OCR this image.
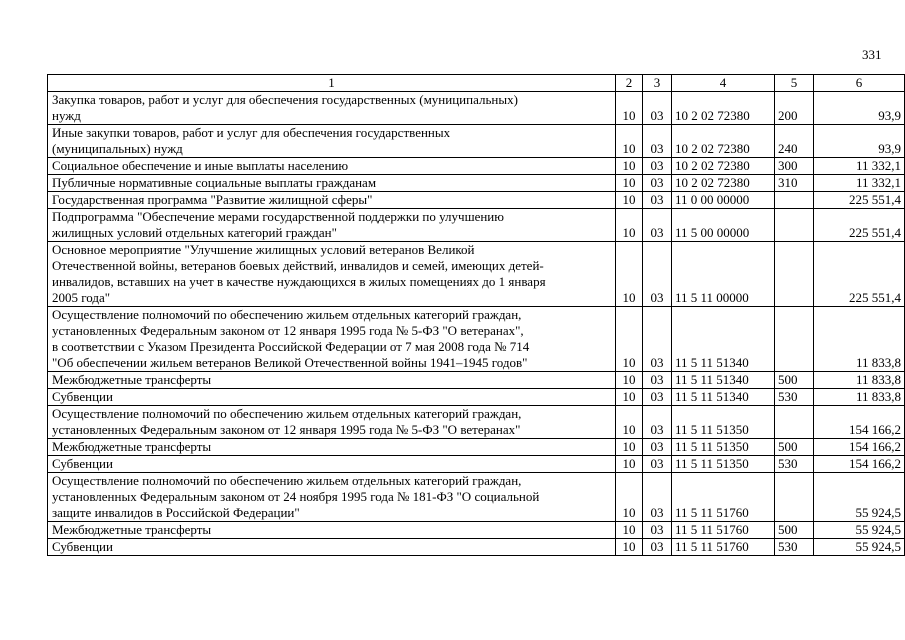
331
1	2	3	4	5	6

Закупка товаров, работ и услуг для обеспечения государственных (муниципальных)
нужд	10	03	10 2 02 72380	200	93,9

Иные закупки товаров, работ и услуг для обеспечения государственных
(муниципальных) нужд	10	03	10 2 02 72380	240	93,9

Социальное обеспечение и иные выплаты населению	10	03	10 2 02 72380	300	11 332,1

Публичные нормативные социальные выплаты гражданам	10	03	10 2 02 72380	310	11 332,1

Государственная программа "Развитие жилищной сферы"	10	03	11 0 00 00000		225 551,4

Подпрограмма "Обеспечение мерами государственной поддержки по улучшению
жилищных условий отдельных категорий граждан"	10	03	11 5 00 00000		225 551,4

Основное мероприятие "Улучшение жилищных условий ветеранов Великой
Отечественной войны, ветеранов боевых действий, инвалидов и семей, имеющих детей-
инвалидов, вставших на учет в качестве нуждающихся в жилых помещениях до 1 января
2005 года"	10	03	11 5 11 00000		225 551,4

Осуществление полномочий по обеспечению жильем отдельных категорий граждан,
установленных Федеральным законом от 12 января 1995 года № 5-ФЗ "О ветеранах",
в соответствии с Указом Президента Российской Федерации от 7 мая 2008 года № 714
"Об обеспечении жильем ветеранов Великой Отечественной войны 1941–1945 годов"	10	03	11 5 11 51340		11 833,8

Межбюджетные трансферты	10	03	11 5 11 51340	500	11 833,8

Субвенции	10	03	11 5 11 51340	530	11 833,8

Осуществление полномочий по обеспечению жильем отдельных категорий граждан,
установленных Федеральным законом от 12 января 1995 года № 5-ФЗ "О ветеранах"	10	03	11 5 11 51350		154 166,2

Межбюджетные трансферты	10	03	11 5 11 51350	500	154 166,2

Субвенции	10	03	11 5 11 51350	530	154 166,2

Осуществление полномочий по обеспечению жильем отдельных категорий граждан,
установленных Федеральным законом от 24 ноября 1995 года № 181-ФЗ "О социальной
защите инвалидов в Российской Федерации"	10	03	11 5 11 51760		55 924,5

Межбюджетные трансферты	10	03	11 5 11 51760	500	55 924,5

Субвенции	10	03	11 5 11 51760	530	55 924,5
